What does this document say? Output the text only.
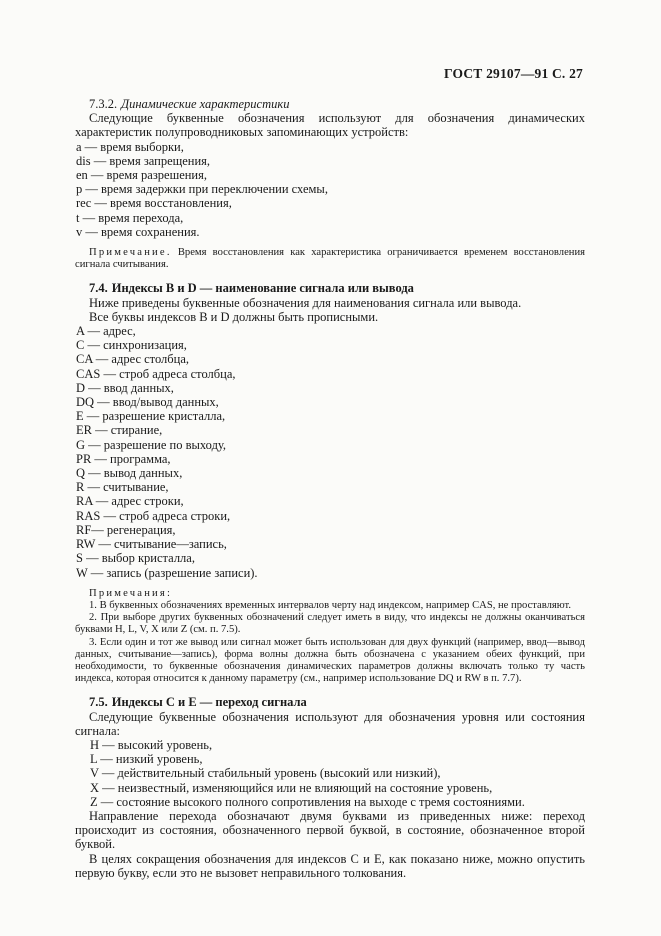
ГОСТ 29107—91 С. 27

7.3.2. Динамические характеристики

Следующие буквенные обозначения используют для обозначения динамических характеристик полупроводниковых запоминающих устройств:

a — время выборки,
dis — время запрещения,
en — время разрешения,
p — время задержки при переключении схемы,
rec — время восстановления,
t — время перехода,
v — время сохранения.

Примечание. Время восстановления как характеристика ограничивается временем восстановления сигнала считывания.

7.4. Индексы B и D — наименование сигнала или вывода

Ниже приведены буквенные обозначения для наименования сигнала или вывода.

Все буквы индексов B и D должны быть прописными.

A — адрес,
C — синхронизация,
CA — адрес столбца,
CAS — строб адреса столбца,
D — ввод данных,
DQ — ввод/вывод данных,
E — разрешение кристалла,
ER — стирание,
G — разрешение по выходу,
PR — программа,
Q — вывод данных,
R — считывание,
RA — адрес строки,
RAS — строб адреса строки,
RF— регенерация,
RW — считывание—запись,
S — выбор кристалла,
W — запись (разрешение записи).

Примечания:

1. В буквенных обозначениях временных интервалов черту над индексом, например CAS, не проставляют.

2. При выборе других буквенных обозначений следует иметь в виду, что индексы не должны оканчиваться буквами H, L, V, X или Z (см. п. 7.5).

3. Если один и тот же вывод или сигнал может быть использован для двух функций (например, ввод—вывод данных, считывание—запись), форма волны должна быть обозначена с указанием обеих функций, при необходимости, то буквенные обозначения динамических параметров должны включать только ту часть индекса, которая относится к данному параметру (см., например использование DQ и RW в п. 7.7).

7.5. Индексы C и E — переход сигнала

Следующие буквенные обозначения используют для обозначения уровня или состояния сигнала:

H — высокий уровень,
L — низкий уровень,
V — действительный стабильный уровень (высокий или низкий),
X — неизвестный, изменяющийся или не влияющий на состояние уровень,
Z — состояние высокого полного сопротивления на выходе с тремя состояниями.

Направление перехода обозначают двумя буквами из приведенных ниже: переход происходит из состояния, обозначенного первой буквой, в состояние, обозначенное второй буквой.

В целях сокращения обозначения для индексов C и E, как показано ниже, можно опустить первую букву, если это не вызовет неправильного толкования.
